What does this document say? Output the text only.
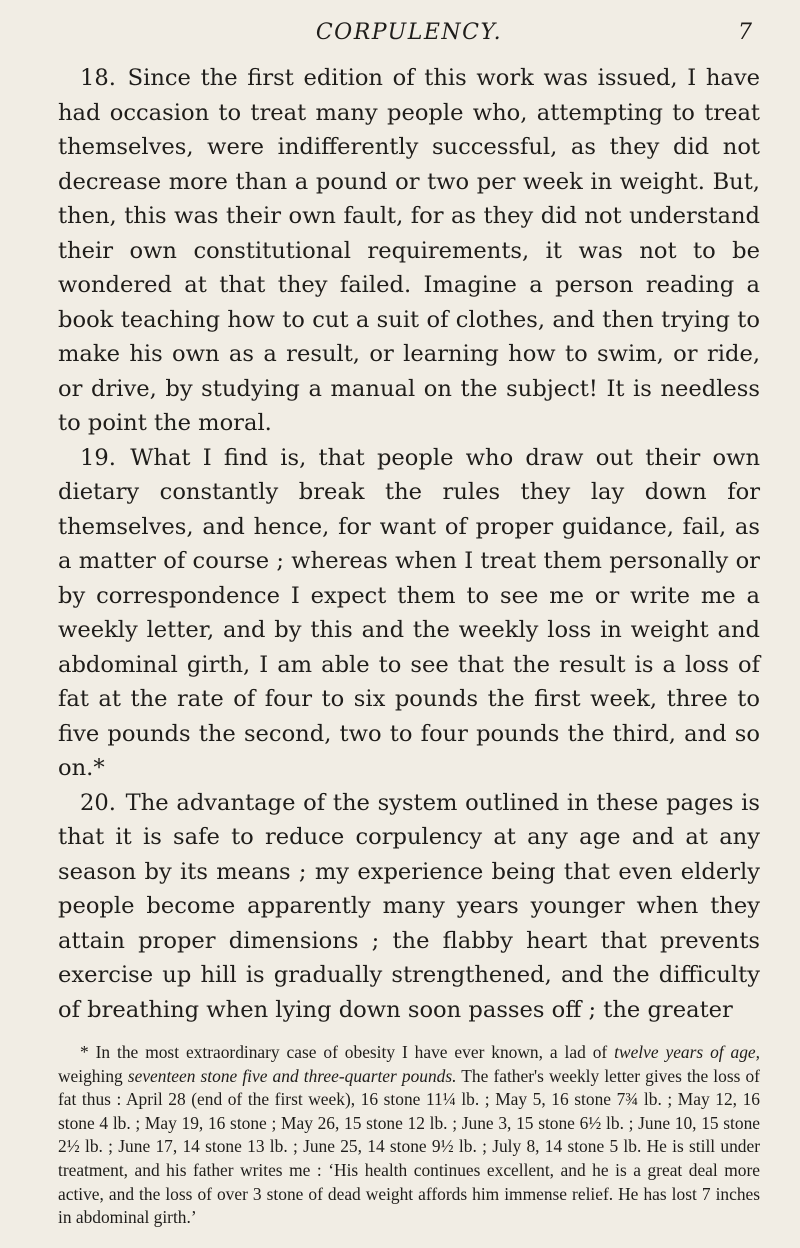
CORPULENCY.	7

18. Since the first edition of this work was issued, I have had occasion to treat many people who, attempting to treat themselves, were indifferently successful, as they did not decrease more than a pound or two per week in weight. But, then, this was their own fault, for as they did not understand their own constitutional requirements, it was not to be wondered at that they failed. Imagine a person reading a book teaching how to cut a suit of clothes, and then trying to make his own as a result, or learning how to swim, or ride, or drive, by studying a manual on the subject! It is needless to point the moral.

19. What I find is, that people who draw out their own dietary constantly break the rules they lay down for themselves, and hence, for want of proper guidance, fail, as a matter of course ; whereas when I treat them personally or by correspondence I expect them to see me or write me a weekly letter, and by this and the weekly loss in weight and abdominal girth, I am able to see that the result is a loss of fat at the rate of four to six pounds the first week, three to five pounds the second, two to four pounds the third, and so on.*

20. The advantage of the system outlined in these pages is that it is safe to reduce corpulency at any age and at any season by its means ; my experience being that even elderly people become apparently many years younger when they attain proper dimensions ; the flabby heart that prevents exercise up hill is gradually strengthened, and the difficulty of breathing when lying down soon passes off ; the greater

* In the most extraordinary case of obesity I have ever known, a lad of twelve years of age, weighing seventeen stone five and three-quarter pounds. The father's weekly letter gives the loss of fat thus : April 28 (end of the first week), 16 stone 11¼ lb. ; May 5, 16 stone 7¾ lb. ; May 12, 16 stone 4 lb. ; May 19, 16 stone ; May 26, 15 stone 12 lb. ; June 3, 15 stone 6½ lb. ; June 10, 15 stone 2½ lb. ; June 17, 14 stone 13 lb. ; June 25, 14 stone 9½ lb. ; July 8, 14 stone 5 lb. He is still under treatment, and his father writes me : ‘His health continues excellent, and he is a great deal more active, and the loss of over 3 stone of dead weight affords him immense relief. He has lost 7 inches in abdominal girth.’
